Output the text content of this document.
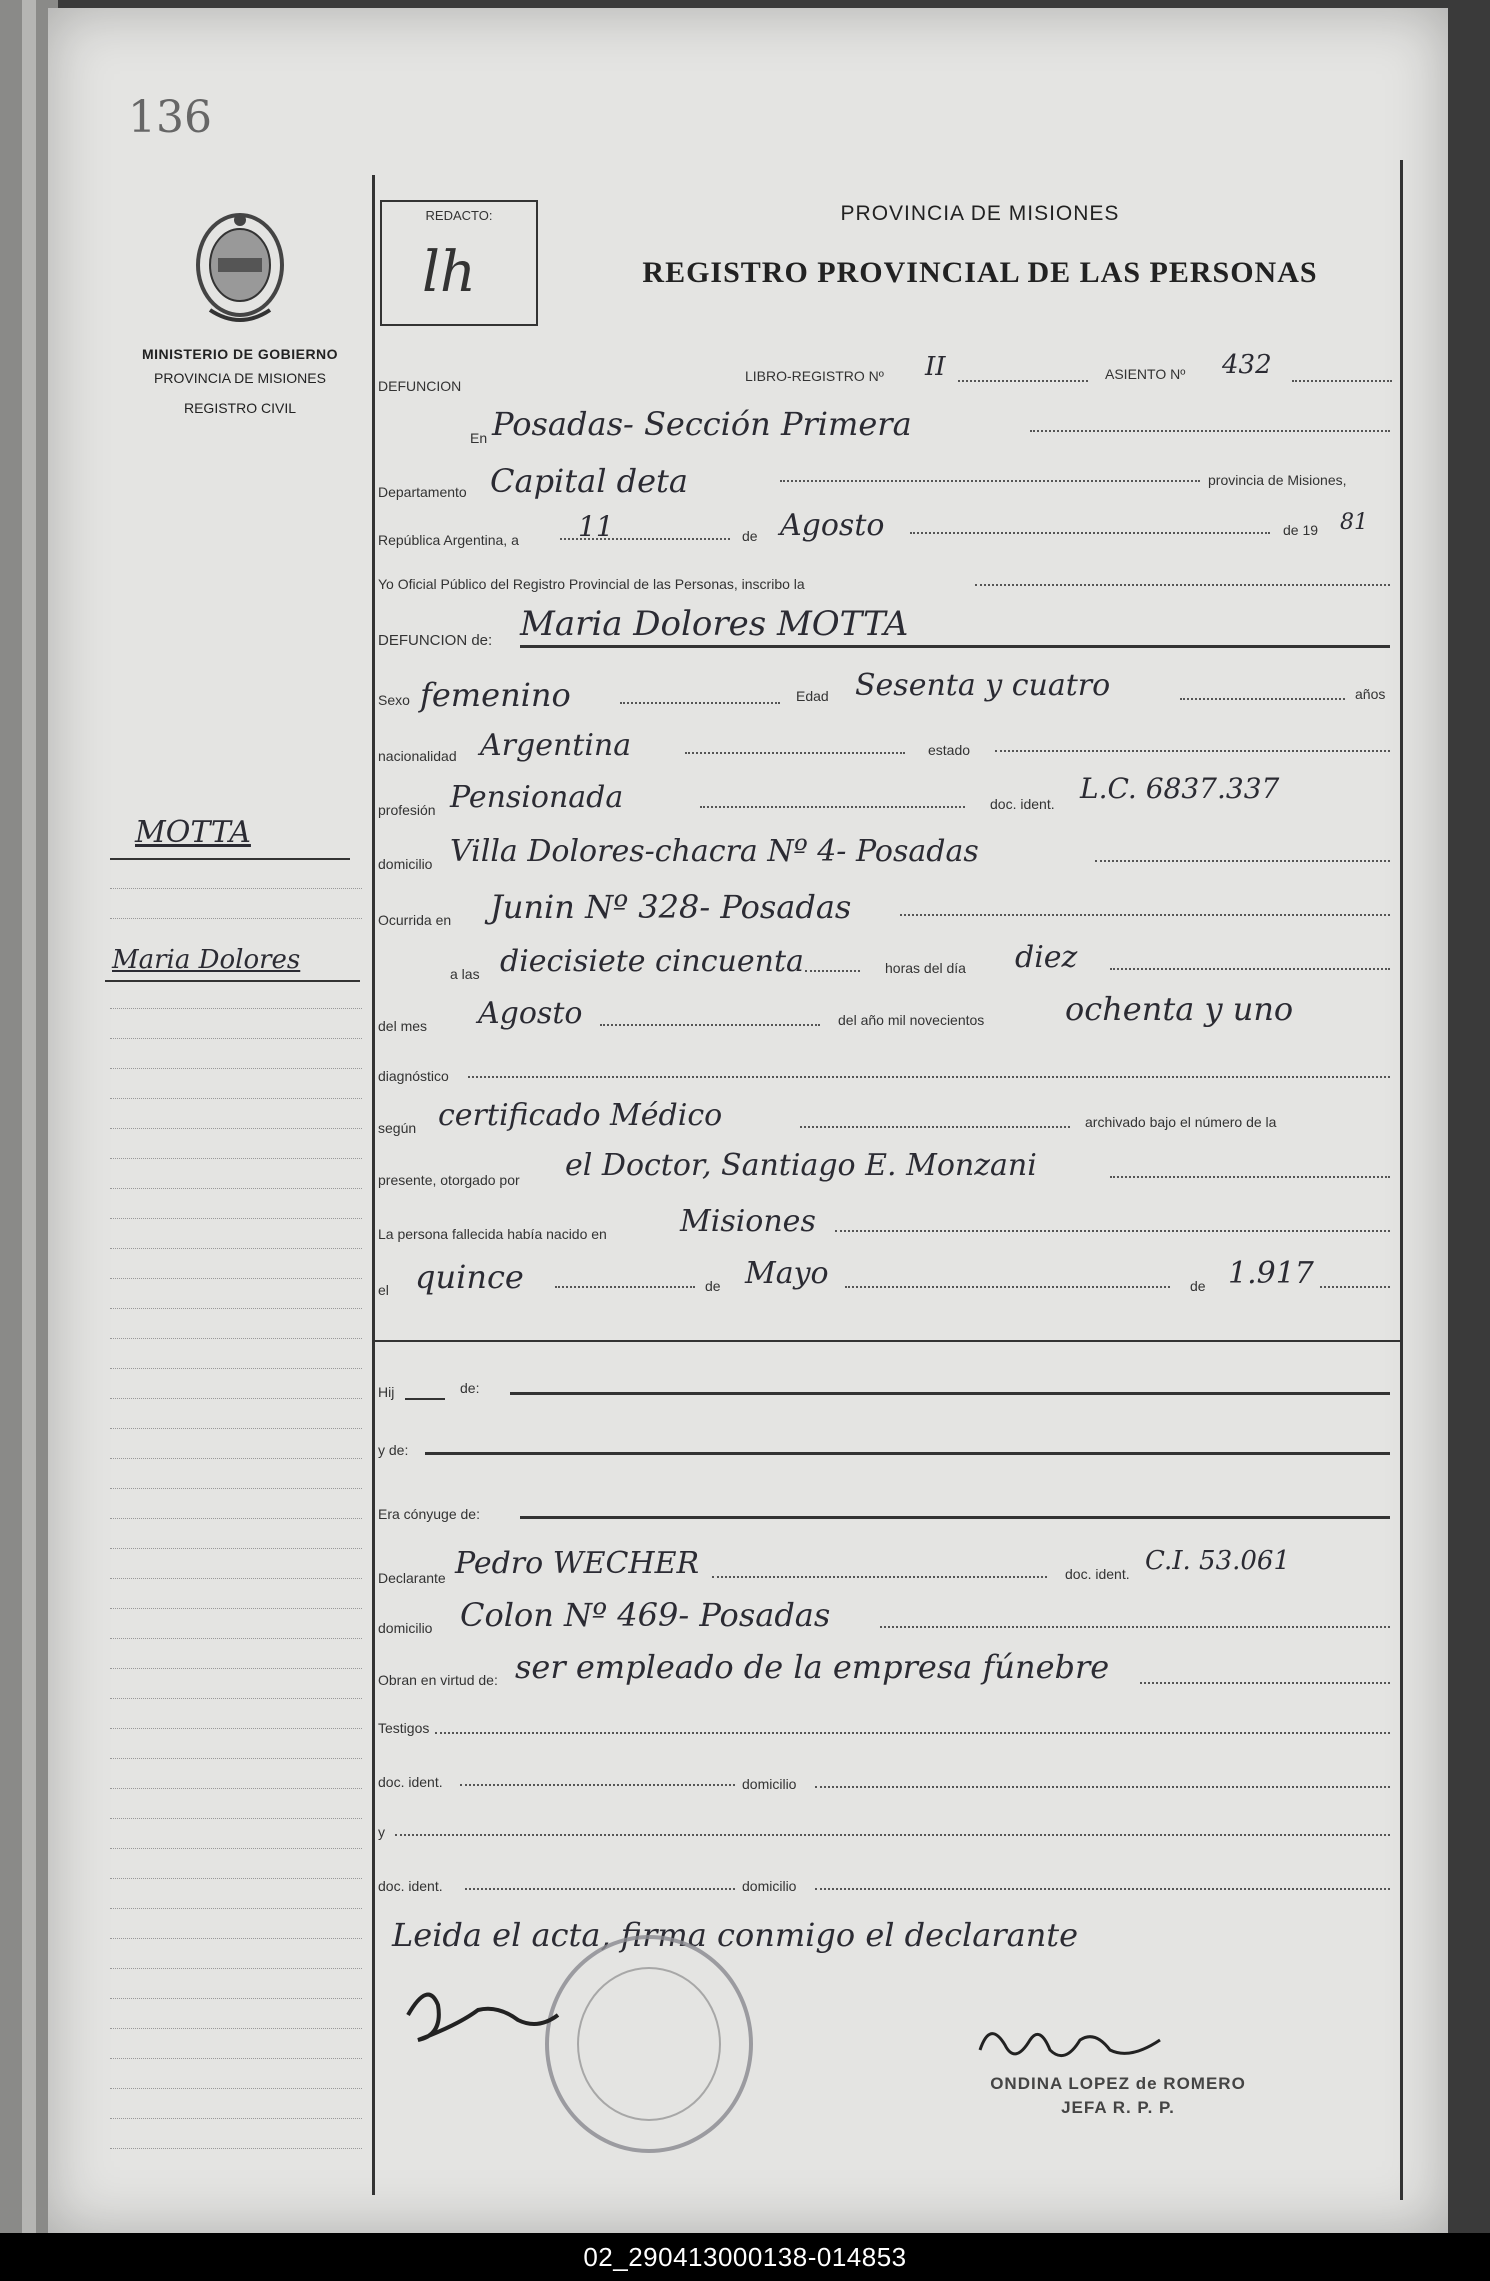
136
MINISTERIO DE GOBIERNO
PROVINCIA DE MISIONES
REGISTRO CIVIL
REDACTO:
lh
PROVINCIA DE MISIONES
REGISTRO PROVINCIAL DE LAS PERSONAS
DEFUNCION
LIBRO-REGISTRO Nº II	ASIENTO Nº 432
En Posadas- Sección Primera
Departamento Capital deta	provincia de Misiones,
República Argentina, a 11	de Agosto	de 19 81
Yo Oficial Público del Registro Provincial de las Personas, inscribo la
DEFUNCION de: Maria Dolores MOTTA
Sexo femenino	Edad Sesenta y cuatro	años
nacionalidad Argentina	estado
profesión Pensionada	doc. ident. L.C. 6837.337
domicilio Villa Dolores-chacra Nº 4- Posadas
Ocurrida en Junin Nº 328- Posadas
a las diecisiete cincuenta	horas del día diez
del mes Agosto	del año mil novecientos	ochenta y uno
diagnóstico
según certificado Médico	archivado bajo el número de la
presente, otorgado por el Doctor, Santiago E. Monzani
La persona fallecida había nacido en Misiones
el quince	de Mayo	de 1.917
Hij	de:
y de:
Era cónyuge de:
Declarante Pedro WECHER	doc. ident. C.I. 53.061
domicilio Colon Nº 469- Posadas
Obran en virtud de: ser empleado de la empresa fúnebre
Testigos
doc. ident.	domicilio
y
doc. ident.	domicilio
Leida el acta, firma conmigo el declarante
ONDINA LOPEZ de ROMERO
JEFA R. P. P.
MOTTA
Maria Dolores
02_290413000138-014853
